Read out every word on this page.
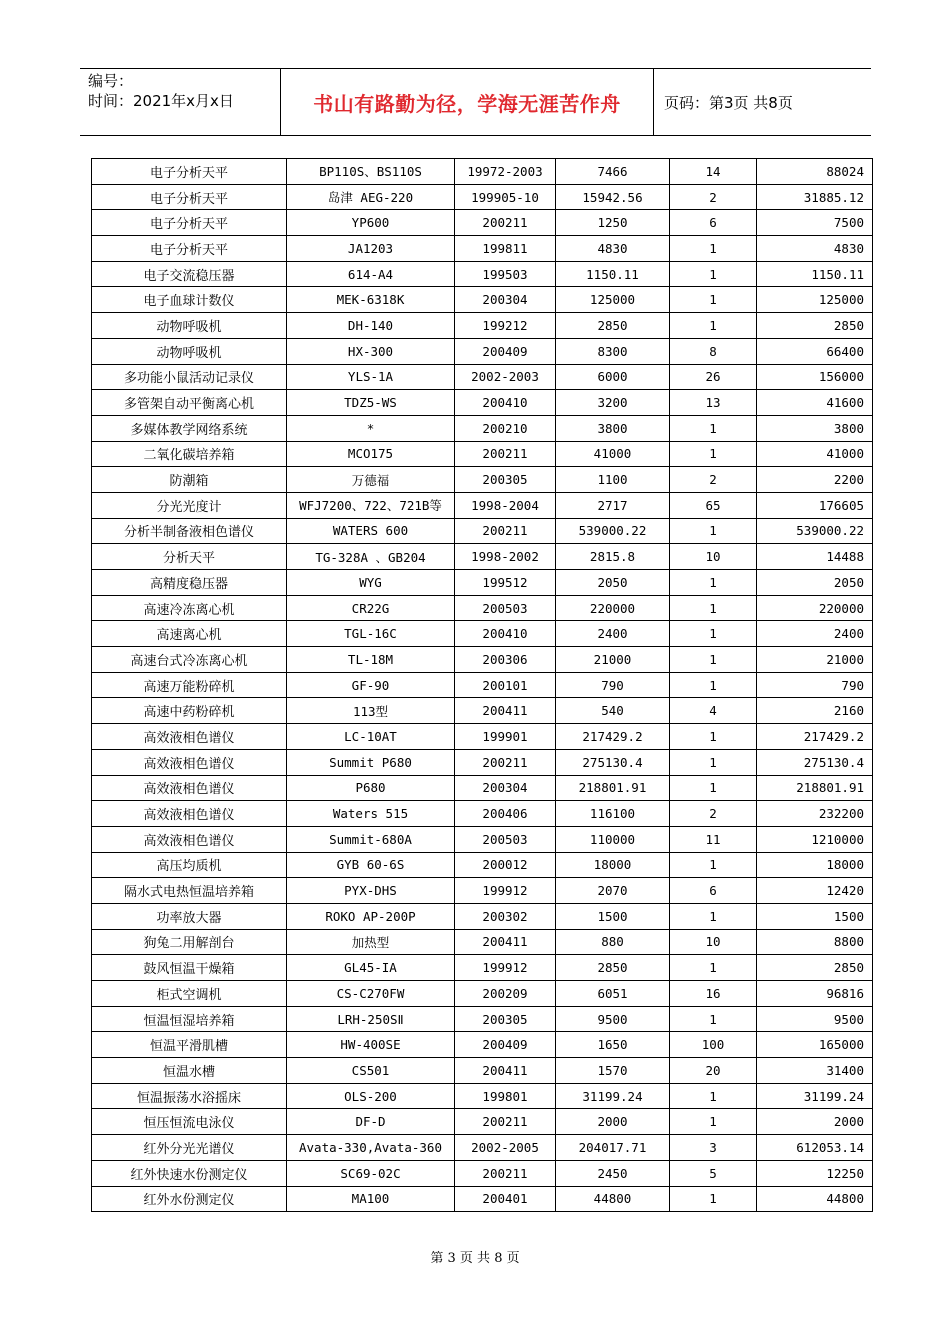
编号：
时间：2021年x月x日	书山有路勤为径，学海无涯苦作舟	页码：第3页 共8页
电子分析天平	BP110S、BS110S	19972-2003	7466	14	88024
电子分析天平	岛津 AEG-220	199905-10	15942.56	2	31885.12
电子分析天平	YP600	200211	1250	6	7500
电子分析天平	JA1203	199811	4830	1	4830
电子交流稳压器	614-A4	199503	1150.11	1	1150.11
电子血球计数仪	MEK-6318K	200304	125000	1	125000
动物呼吸机	DH-140	199212	2850	1	2850
动物呼吸机	HX-300	200409	8300	8	66400
多功能小鼠活动记录仪	YLS-1A	2002-2003	6000	26	156000
多管架自动平衡离心机	TDZ5-WS	200410	3200	13	41600
多媒体教学网络系统	*	200210	3800	1	3800
二氧化碳培养箱	MCO175	200211	41000	1	41000
防潮箱	万德福	200305	1100	2	2200
分光光度计	WFJ7200、722、721B等	1998-2004	2717	65	176605
分析半制备液相色谱仪	WATERS 600	200211	539000.22	1	539000.22
分析天平	TG-328A 、GB204	1998-2002	2815.8	10	14488
高精度稳压器	WYG	199512	2050	1	2050
高速冷冻离心机	CR22G	200503	220000	1	220000
高速离心机	TGL-16C	200410	2400	1	2400
高速台式冷冻离心机	TL-18M	200306	21000	1	21000
高速万能粉碎机	GF-90	200101	790	1	790
高速中药粉碎机	113型	200411	540	4	2160
高效液相色谱仪	LC-10AT	199901	217429.2	1	217429.2
高效液相色谱仪	Summit P680	200211	275130.4	1	275130.4
高效液相色谱仪	P680	200304	218801.91	1	218801.91
高效液相色谱仪	Waters 515	200406	116100	2	232200
高效液相色谱仪	Summit-680A	200503	110000	11	1210000
高压均质机	GYB 60-6S	200012	18000	1	18000
隔水式电热恒温培养箱	PYX-DHS	199912	2070	6	12420
功率放大器	ROKO AP-200P	200302	1500	1	1500
狗兔二用解剖台	加热型	200411	880	10	8800
鼓风恒温干燥箱	GL45-IA	199912	2850	1	2850
柜式空调机	CS-C270FW	200209	6051	16	96816
恒温恒湿培养箱	LRH-250SⅡ	200305	9500	1	9500
恒温平滑肌槽	HW-400SE	200409	1650	100	165000
恒温水槽	CS501	200411	1570	20	31400
恒温振荡水浴摇床	OLS-200	199801	31199.24	1	31199.24
恒压恒流电泳仪	DF-D	200211	2000	1	2000
红外分光光谱仪	Avata-330,Avata-360	2002-2005	204017.71	3	612053.14
红外快速水份测定仪	SC69-02C	200211	2450	5	12250
红外水份测定仪	MA100	200401	44800	1	44800
第 3 页 共 8 页
